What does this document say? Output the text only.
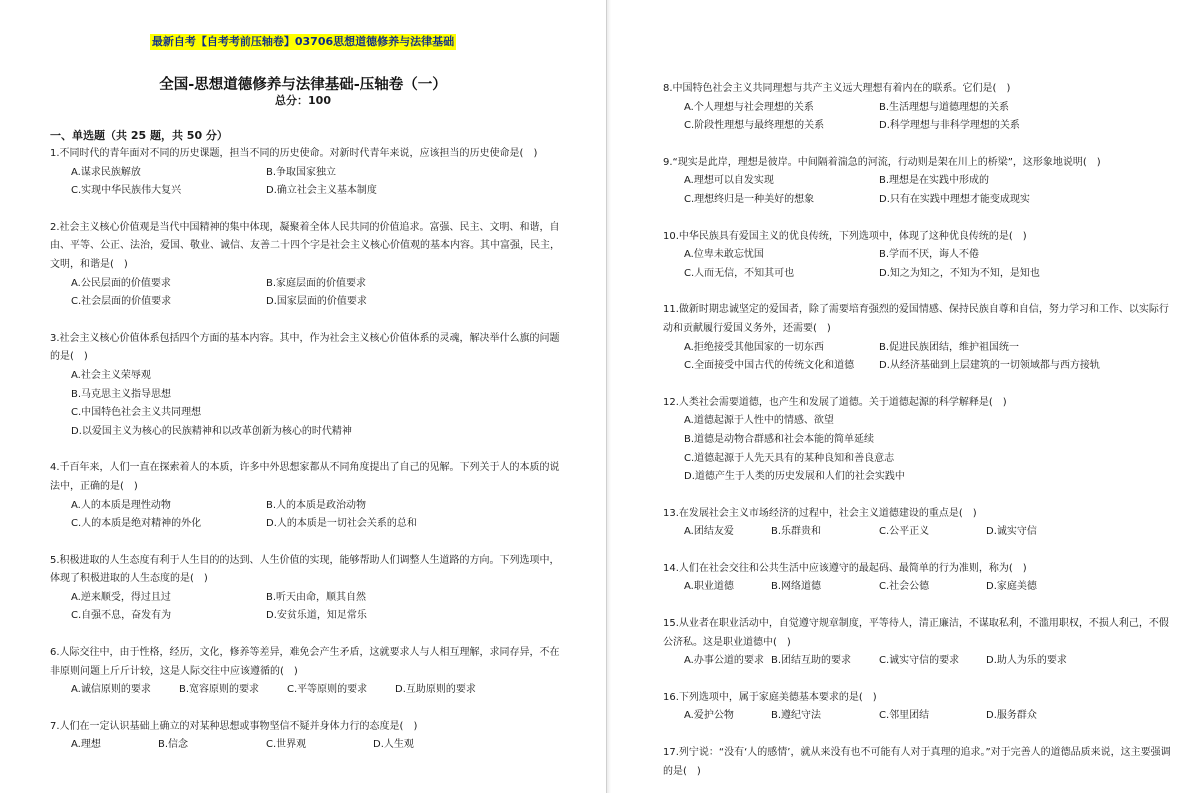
最新自考【自考考前压轴卷】03706思想道德修养与法律基础
全国-思想道德修养与法律基础-压轴卷（一）
总分：100
一、单选题（共 25 题，共 50 分）
1.不同时代的青年面对不同的历史课题，担当不同的历史使命。对新时代青年来说，应该担当的历史使命是(　)
A.谋求民族解放	B.争取国家独立
C.实现中华民族伟大复兴	D.确立社会主义基本制度
2.社会主义核心价值观是当代中国精神的集中体现，凝聚着全体人民共同的价值追求。富强、民主、文明、和谐，自由、平等、公正、法治，爱国、敬业、诚信、友善二十四个字是社会主义核心价值观的基本内容。其中富强，民主，文明，和谐是(　)
A.公民层面的价值要求	B.家庭层面的价值要求
C.社会层面的价值要求	D.国家层面的价值要求
3.社会主义核心价值体系包括四个方面的基本内容。其中，作为社会主义核心价值体系的灵魂，解决举什么旗的问题的是(　)
A.社会主义荣辱观
B.马克思主义指导思想
C.中国特色社会主义共同理想
D.以爱国主义为核心的民族精神和以改革创新为核心的时代精神
4.千百年来，人们一直在探索着人的本质，许多中外思想家都从不同角度提出了自己的见解。下列关于人的本质的说法中，正确的是(　)
A.人的本质是理性动物	B.人的本质是政治动物
C.人的本质是绝对精神的外化	D.人的本质是一切社会关系的总和
5.积极进取的人生态度有利于人生目的的达到、人生价值的实现，能够帮助人们调整人生道路的方向。下列选项中，体现了积极进取的人生态度的是(　)
A.逆来顺受，得过且过	B.听天由命，顺其自然
C.自强不息，奋发有为	D.安贫乐道，知足常乐
6.人际交往中，由于性格，经历，文化，修养等差异，难免会产生矛盾，这就要求人与人相互理解，求同存异，不在非原则问题上斤斤计较，这是人际交往中应该遵循的(　)
A.诚信原则的要求	B.宽容原则的要求	C.平等原则的要求	D.互助原则的要求
7.人们在一定认识基础上确立的对某种思想或事物坚信不疑并身体力行的态度是(　)
A.理想	B.信念	C.世界观	D.人生观
8.中国特色社会主义共同理想与共产主义远大理想有着内在的联系。它们是(　)
A.个人理想与社会理想的关系	B.生活理想与道德理想的关系
C.阶段性理想与最终理想的关系	D.科学理想与非科学理想的关系
9.“现实是此岸，理想是彼岸。中间隔着湍急的河流，行动则是架在川上的桥梁”，这形象地说明(　)
A.理想可以自发实现	B.理想是在实践中形成的
C.理想终归是一种美好的想象	D.只有在实践中理想才能变成现实
10.中华民族具有爱国主义的优良传统，下列选项中，体现了这种优良传统的是(　)
A.位卑未敢忘忧国	B.学而不厌，诲人不倦
C.人而无信，不知其可也	D.知之为知之，不知为不知，是知也
11.做新时期忠诚坚定的爱国者，除了需要培育强烈的爱国情感、保持民族自尊和自信，努力学习和工作、以实际行动和贡献履行爱国义务外，还需要(　)
A.拒绝接受其他国家的一切东西	B.促进民族团结，维护祖国统一
C.全面接受中国古代的传统文化和道德	D.从经济基础到上层建筑的一切领域都与西方接轨
12.人类社会需要道德，也产生和发展了道德。关于道德起源的科学解释是(　)
A.道德起源于人性中的情感、欲望
B.道德是动物合群感和社会本能的简单延续
C.道德起源于人先天具有的某种良知和善良意志
D.道德产生于人类的历史发展和人们的社会实践中
13.在发展社会主义市场经济的过程中，社会主义道德建设的重点是(　)
A.团结友爱	B.乐群贵和	C.公平正义	D.诚实守信
14.人们在社会交往和公共生活中应该遵守的最起码、最简单的行为准则，称为(　)
A.职业道德	B.网络道德	C.社会公德	D.家庭美德
15.从业者在职业活动中，自觉遵守规章制度，平等待人，清正廉洁，不谋取私利，不滥用职权，不损人利己，不假公济私。这是职业道德中(　)
A.办事公道的要求 B.团结互助的要求	C.诚实守信的要求	D.助人为乐的要求
16.下列选项中，属于家庭美德基本要求的是(　)
A.爱护公物	B.遵纪守法	C.邻里团结	D.服务群众
17.列宁说：“没有‘人的感情’，就从来没有也不可能有人对于真理的追求。”对于完善人的道德品质来说，这主要强调的是(　)
